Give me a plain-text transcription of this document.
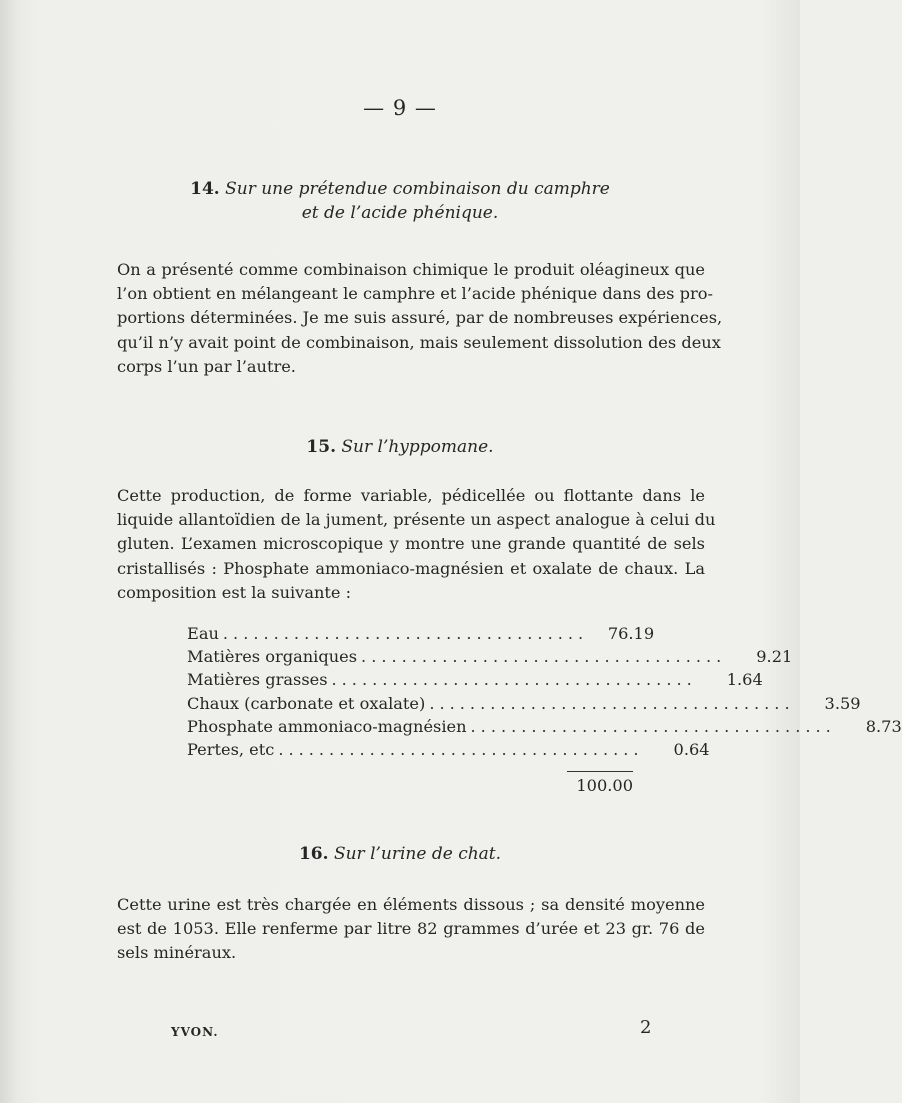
— 9 —
14. Sur une prétendue combinaison du camphre
et de l’acide phénique.
On a présenté comme combinaison chimique le produit oléagineux que
l’on obtient en mélangeant le camphre et l’acide phénique dans des pro-
portions déterminées. Je me suis assuré, par de nombreuses expériences,
qu’il n’y avait point de combinaison, mais seulement dissolution des deux
corps l’un par l’autre.
15. Sur l’hyppomane.
Cette production, de forme variable, pédicellée ou flottante dans le
liquide allantoïdien de la jument, présente un aspect analogue à celui du
gluten. L’examen microscopique y montre une grande quantité de sels
cristallisés : Phosphate ammoniaco-magnésien et oxalate de chaux. La
composition est la suivante :
Eau ....................................	76.19
Matières organiques ....................................	9.21
Matières grasses ....................................	1.64
Chaux (carbonate et oxalate) ....................................	3.59
Phosphate ammoniaco-magnésien ....................................	8.73
Pertes, etc ....................................	0.64
100.00
16. Sur l’urine de chat.
Cette urine est très chargée en éléments dissous ; sa densité moyenne
est de 1053. Elle renferme par litre 82 grammes d’urée et 23 gr. 76 de
sels minéraux.
YVON.	2
